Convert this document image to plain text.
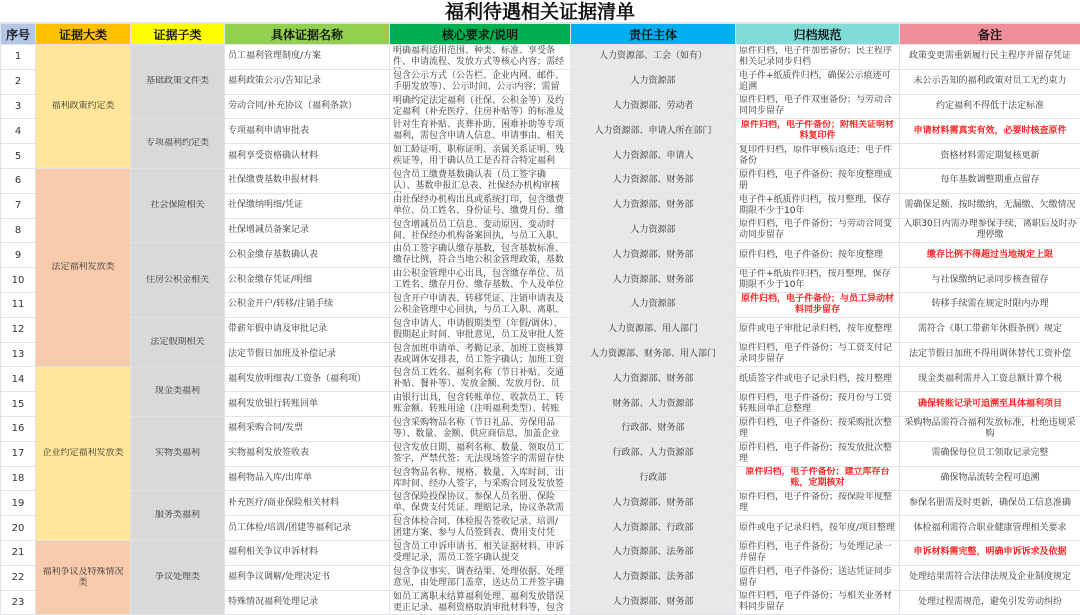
福利待遇相关证据清单
序号	证据大类	证据子类	具体证据名称	核心要求/说明	责任主体	归档规范	备注

1	福利政策约定类	基础政策文件类	员工福利管理制度/方案	明确福利适用范围、种类、标准、享受条件、申请流程、发放方式等核心内容；需经	人力资源部、工会（如有）	原件归档，电子件加密备份；民主程序相关记录同步归档	政策变更需重新履行民主程序并留存凭证

2			福利政策公示/告知记录	包含公示方式（公告栏、企业内网、邮件、手册发放等）、公示时间、公示内容；需留	人力资源部	电子件+纸质件归档，确保公示痕迹可追溯	未公示告知的福利政策对员工无约束力

3			劳动合同/补充协议（福利条款）	明确约定法定福利（社保、公积金等）及约定福利（补充医疗、住房补贴等）的标准及	人力资源部、劳动者	原件归档，电子件双重备份；与劳动合同同步留存	约定福利不得低于法定标准

4		专项福利约定类	专项福利申请审批表	针对生育补贴、丧葬补助、困难补助等专项福利，需包含申请人信息、申请事由、相关	人力资源部、申请人所在部门	原件归档，电子件备份；附相关证明材料复印件	申请材料需真实有效，必要时核查原件

5			福利享受资格确认材料	如工龄证明、职称证明、亲属关系证明、残疾证等，用于确认员工是否符合特定福利	人力资源部、申请人	复印件归档，原件审核后返还；电子件备份	资格材料需定期复核更新

6	法定福利发放类	社会保险相关	社保缴费基数申报材料	包含员工缴费基数确认表（员工签字确认）、基数申报汇总表、社保经办机构审核	人力资源部、财务部	原件归档，电子件备份；按年度整理成册	每年基数调整期重点留存

7			社保缴纳明细/凭证	由社保经办机构出具或系统打印，包含缴费单位、员工姓名、身份证号、缴费月份、缴	人力资源部、财务部	电子件+纸质件归档，按月整理，保存期限不少于10年	需确保足额、按时缴纳，无漏缴、欠缴情况

8			社保增减员备案记录	包含增减员员工信息、变动原因、变动时间、社保经办机构备案回执，与员工入职、	人力资源部	原件归档，电子件备份；与劳动合同变动同步留存	入职30日内需办理参保手续，离职后及时办理停缴

9		住房公积金相关	公积金缴存基数确认表	由员工签字确认缴存基数，包含基数标准、缴存比例，符合当地公积金管理政策，基数	人力资源部、财务部	原件归档，电子件备份；按年度整理	缴存比例不得超过当地规定上限

10			公积金缴存凭证/明细	由公积金管理中心出具，包含缴存单位、员工姓名、缴存月份、缴存基数、个人及单位	人力资源部、财务部	电子件+纸质件归档，按月整理，保存期限不少于10年	与社保缴纳记录同步核查留存

11			公积金开户/转移/注销手续	包含开户申请表、转移凭证、注销申请表及公积金管理中心回执，与员工入职、离职、	人力资源部	原件归档，电子件备份；与员工异动材料同步留存	转移手续需在规定时限内办理

12		法定假期相关	带薪年假申请及审批记录	包含申请人、申请假期类型（年假/调休）、假期起止时间、审批意见，员工及审批人签	人力资源部、用人部门	原件或电子审批记录归档，按年度整理	需符合《职工带薪年休假条例》规定

13			法定节假日加班及补偿记录	包含加班申请单、考勤记录、加班工资核算表或调休安排表，员工签字确认；加班工资	人力资源部、财务部、用人部门	原件归档，电子件备份；与工资支付记录同步留存	法定节假日加班不得用调休替代工资补偿

14	企业约定福利发放类	现金类福利	福利发放明细表/工资条（福利项）	包含员工姓名、福利名称（节日补贴、交通补贴、餐补等）、发放金额、发放月份、员	人力资源部、财务部	纸质签字件或电子记录归档，按月整理	现金类福利需并入工资总额计算个税

15			福利发放银行转账回单	由银行出具，包含转账单位、收款员工、转账金额、转账用途（注明福利类型）、转账	财务部、人力资源部	原件归档，电子件备份；按月份与工资转账回单汇总整理	确保转账记录可追溯至具体福利项目

16		实物类福利	福利采购合同/发票	包含采购物品名称（节日礼品、劳保用品等）、数量、金额、供应商信息，加盖企业	行政部、财务部	原件归档，电子件备份；按采购批次整理	采购物品需符合福利发放标准，杜绝违规采购

17			实物福利发放签收表	包含发放日期、福利名称、数量、领取员工签字，严禁代签；无法现场签字的需留存快	行政部、人力资源部	原件归档，电子件备份；按发放批次整理	需确保每位员工领取记录完整

18			福利物品入库/出库单	包含物品名称、规格、数量、入库时间、出库时间、经办人签字，与采购合同及发放签	行政部	原件归档，电子件备份；建立库存台账，定期核对	确保物品流转全程可追溯

19		服务类福利	补充医疗/商业保险相关材料	包含保险投保协议、参保人员名册、保险单、保费支付凭证、理赔记录，协议条款需	人力资源部、财务部	原件归档，电子件备份；按保险年度整理	参保名册需及时更新，确保员工信息准确

20			员工体检/培训/团建等福利记录	包含体检合同、体检报告签收记录、培训/团建方案、参与人员签到表、费用支付凭	人力资源部、行政部	原件或电子记录归档，按年度/项目整理	体检福利需符合职业健康管理相关要求

21	福利争议及特殊情况类	争议处理类	福利相关争议申诉材料	包含员工申诉申请书、相关证据材料、申诉受理记录，需员工签字确认提交	人力资源部、法务部	原件归档，电子件备份；与处理记录一并留存	申诉材料需完整，明确申诉诉求及依据

22			福利争议调解/处理决定书	包含争议事实、调查结果、处理依据、处理意见，由处理部门盖章，送达员工并签字确	人力资源部、法务部	原件归档，电子件备份；送达凭证同步留存	处理结果需符合法律法规及企业制度规定

23			特殊情况福利处理记录	如员工离职未结算福利处理、福利发放错误更正记录、福利资格取消审批材料等，包含	人力资源部、财务部	原件归档，电子件备份；与相关业务材料同步留存	处理过程需规范，避免引发劳动纠纷
